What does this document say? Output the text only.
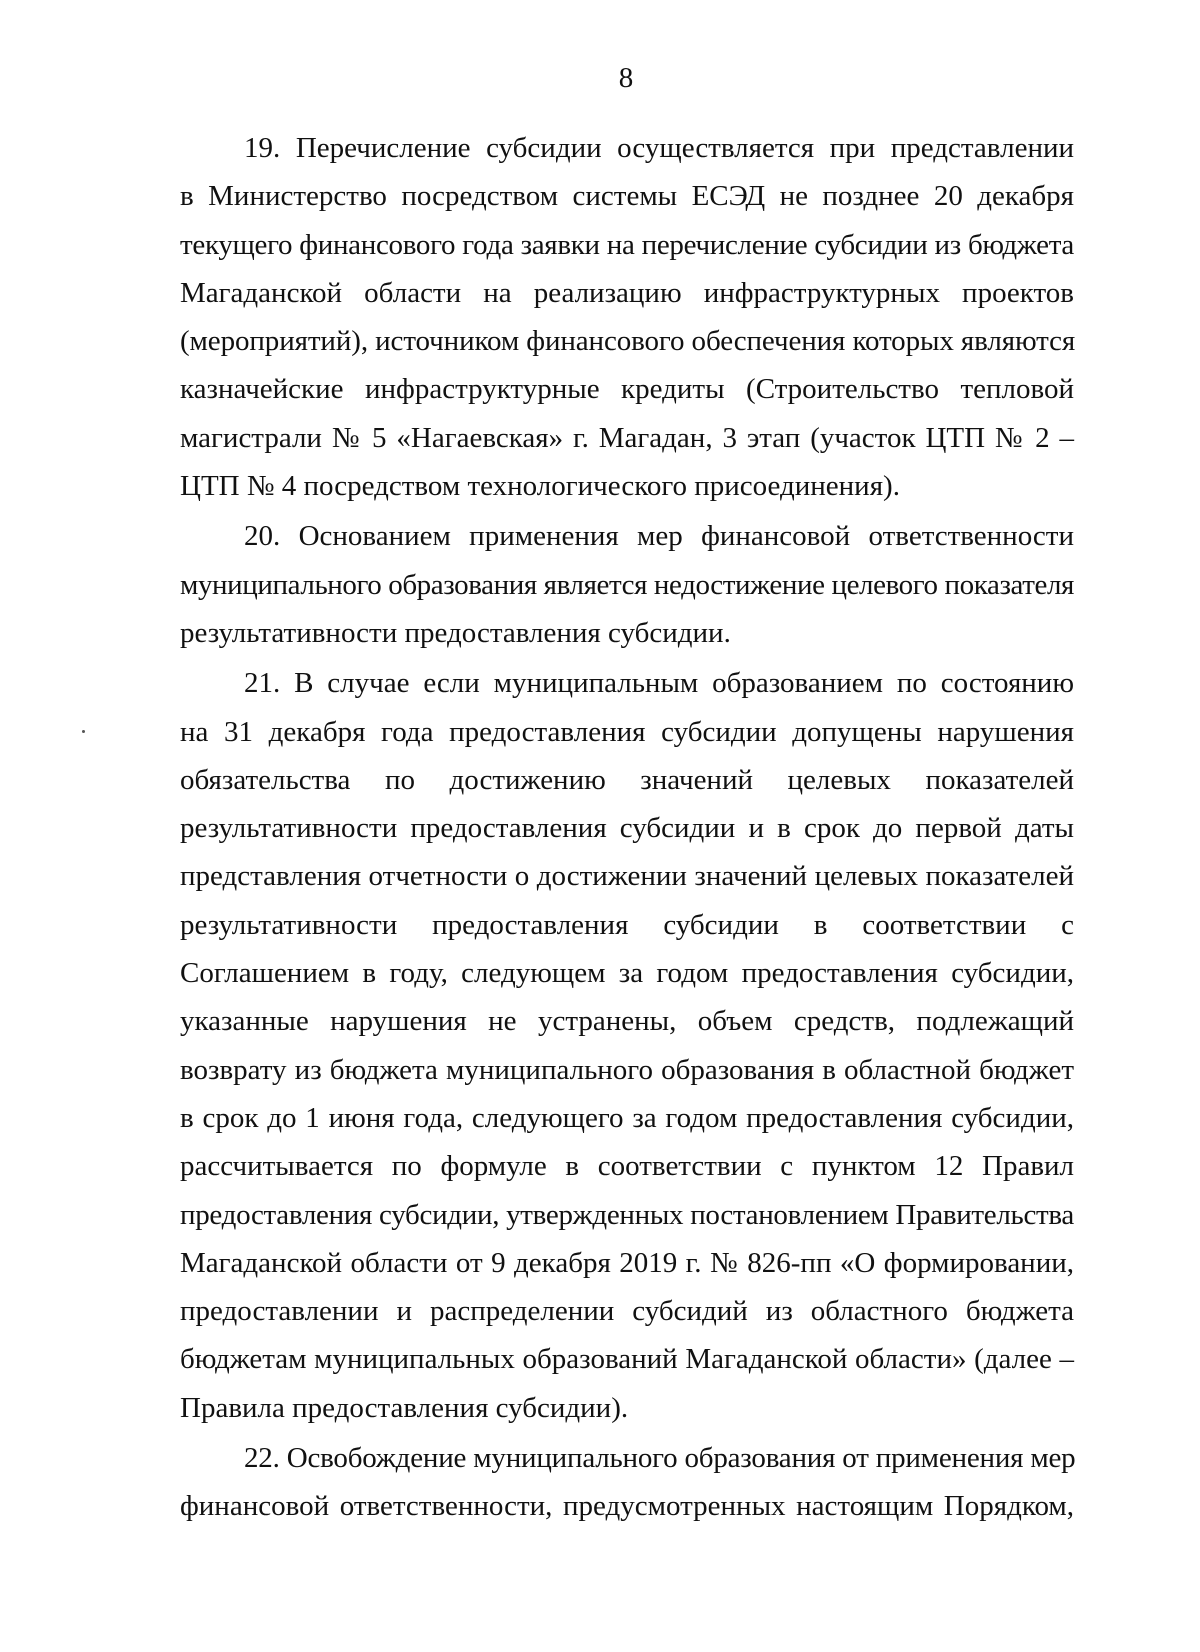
8
19. Перечисление субсидии осуществляется при представлении
в Министерство посредством системы ЕСЭД не позднее 20 декабря
текущего финансового года заявки на перечисление субсидии из бюджета
Магаданской области на реализацию инфраструктурных проектов
(мероприятий), источником финансового обеспечения которых являются
казначейские инфраструктурные кредиты (Строительство тепловой
магистрали № 5 «Нагаевская» г. Магадан, 3 этап (участок ЦТП № 2 –
ЦТП № 4 посредством технологического присоединения).
20. Основанием применения мер финансовой ответственности
муниципального образования является недостижение целевого показателя
результативности предоставления субсидии.
21. В случае если муниципальным образованием по состоянию
на 31 декабря года предоставления субсидии допущены нарушения
обязательства по достижению значений целевых показателей
результативности предоставления субсидии и в срок до первой даты
представления отчетности о достижении значений целевых показателей
результативности предоставления субсидии в соответствии с
Соглашением в году, следующем за годом предоставления субсидии,
указанные нарушения не устранены, объем средств, подлежащий
возврату из бюджета муниципального образования в областной бюджет
в срок до 1 июня года, следующего за годом предоставления субсидии,
рассчитывается по формуле в соответствии с пунктом 12 Правил
предоставления субсидии, утвержденных постановлением Правительства
Магаданской области от 9 декабря 2019 г. № 826-пп «О формировании,
предоставлении и распределении субсидий из областного бюджета
бюджетам муниципальных образований Магаданской области» (далее –
Правила предоставления субсидии).
22. Освобождение муниципального образования от применения мер
финансовой ответственности, предусмотренных настоящим Порядком,
